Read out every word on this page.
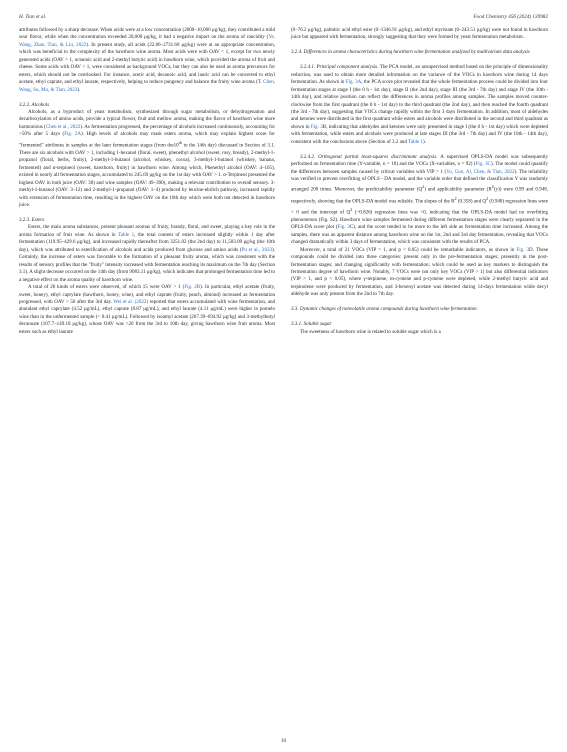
H. Tian et al.	Food Chemistry 456 (2024) 139982

attributes followed by a sharp decrease. When acids were at a low concentration (2000–10,000 μg/kg), they contributed a mild sour flavor, while when the concentration exceeded 20,000 μg/kg, it had a negative impact on the aroma of rancidity (Ye, Wang, Zhan, Tian, & Liu, 2022). In present study, all acids (22.86–2731.68 μg/kg) were at an appropriate concentration, which was beneficial to the complexity of the hawthorn wine aroma. Most acids were with OAV < 1, except for two newly generated acids (OAV > 1, octanoic acid and 2-methyl butyric acid) in hawthorn wine, which provided the aroma of fruit and cheese. Some acids with OAV < 1, were considered as background VOCs, but they can also be used as aroma precursors for esters, which should not be overlooked. For instance, acetic acid, decanoic acid, and lauric acid can be converted to ethyl acetate, ethyl caprate, and ethyl laurate, respectively, helping to reduce pungency and balance the fruity wine aroma (T. Chen, Wang, Su, Mu, & Tian, 2023).

3.2.2. Alcohols

Alcohols, as a byproduct of yeast metabolism, synthesized through sugar metabolism, or dehydrogenation and decarboxylation of amino acids, provide a typical flower, fruit and mellow aroma, making the flavor of hawthorn wine more harmonious (Chen et al., 2022). As fermentation progressed, the percentage of alcohols increased continuously, accounting for >50% after 5 days (Fig. 2A). High levels of alcohols may mask esters aroma, which may explain highest score for "fermented" attributes in samples at the later fermentation stages (from the10th to the 14th day) discussed in Section of 3.1. There are six alcohols with OAV > 1, including 1-hexanol (floral, sweet), phenethyl alcohol (sweet, rosy, bready), 2-methyl-1-propanol (floral, herbs, fruity), 2-methyl-1-butanol (alcohol, whiskey, cocoa), 3-methyl-1-butanol (whiskey, banana, fermented) and α-terpineol (sweet, hawthorn, fruity) in hawthorn wine. Among which, Phenethyl alcohol (OAV: 4–105), existed in nearly all fermentation stages, accumulated to 245.69 μg/kg on the 1st day with OAV > 1. α-Terpineol presented the highest OAV in both juice (OAV: 38) and wine samples (OAV: 49–390), making a relevant contribution to overall sensory. 3-methyl-1-butanol (OAV: 3–12) and 2-methyl-1-propanol (OAV: 1–4) produced by leucine-ehrlich pathway, increased rapidly with extension of fermentation time, resulting in the highest OAV on the 10th day which were both not detected in hawthorn juice.

3.2.3. Esters

Esters, the main aroma substances, present pleasant aromas of fruity, brandy, floral, and sweet, playing a key role in the aroma formation of fruit wine. As shown in Table 1, the total content of esters increased slightly within 1 day after fermentation (119.95–429.6 μg/kg), and increased rapidly thereafter from 3251.02 (the 2nd day) to 11,503.09 μg/kg (the 10th day), which was attributed to esterification of alcohols and acids produced from glucose and amino acids (Pu et al., 2023). Certainly, the increase of esters was favorable to the formation of a pleasant fruity aroma, which was consistent with the results of sensory profiles that the "fruity" intensity increased with fermentation reaching its maximum on the 7th day (Section 3.1). A slight decrease occurred on the 14th day (from 9083.11 μg/kg), which indicates that prolonged fermentation time led to a negative effect on the aroma quality of hawthorn wine.

A total of 26 kinds of esters were observed, of which 15 were OAV > 1 (Fig. 2B). In particular, ethyl acetate (fruity, sweet, honey), ethyl caprylate (hawthorn, honey, wine), and ethyl caprate (fruity, peach, almond) increased as fermentation progressed, with OAV > 50 after the 3rd day. Wei et al. (2022) reported that esters accumulated with wine fermentation, and abundant ethyl caprylate (4.52 μg/mL), ethyl caprate (8.87 μg/mL), and ethyl laurate (4.11 μg/mL) were higher in pomelo wine than in the unfermented sample (< 0.41 μg/mL). Followed by isoamyl acetate (267.39–694.92 μg/kg) and 3-methylbutyl decanoate (107.7–149.18 μg/kg), whose OAV was >20 from the 3rd to 10th day, giving hawthorn wine fruit aroma. Most esters such as ethyl laurate

(0–76.2 μg/kg), palmitic acid ethyl ester (0–1346.91 μg/kg), and ethyl myristate (0–243.51 μg/kg) were not found in hawthorn juice but appeared with fermentation, strongly suggesting that they were formed by yeast fermentation metabolism.

3.2.4. Differences in aroma characteristics during hawthorn wine fermentation analyzed by multivariate data analysis

3.2.4.1. Principal component analysis. The PCA model, an unsupervised method based on the principle of dimensionality reduction, was used to obtain more detailed information on the variance of the VOCs in hawthorn wine during 14 days fermentation. As shown in Fig. 3A, the PCA score plot revealed that the whole fermentation process could be divided into four fermentation stages at stage I (the 0 h - 1st day), stage II (the 2nd day), stage III (the 3rd - 7th day) and stage IV (the 10th - 14th day), and relative position can reflect the differences in aroma profiles among samples. The samples moved counter-clockwise from the first quadrant (the 0 h - 1st day) to the third quadrant (the 2nd day), and then reached the fourth quadrant (the 3rd - 7th day), suggesting that VOCs change rapidly within the first 3 days fermentation. In addition, most of aldehydes and ketones were distributed in the first quadrant while esters and alcohols were distributed in the second and third quadrant as shown in Fig. 3B, indicating that aldehydes and ketones were only presented in stage I (the 0 h - 1st day) which were depleted with fermentation, while esters and alcohols were produced at late stages III (the 3rd - 7th day) and IV (the 10th - 14th day), consistent with the conclusions above (Section of 3.2 and Table 1).

3.2.4.2. Orthogonal partial least-squares discriminant analysis. A supervised OPLS-DA model was subsequently performed on fermentation time (Y-variable, n = 10) and the VOCs (X-variables, n = 92) (Fig. 3C). The model could quantify the differences between samples caused by critical variables with VIP > 1 (Yu, Guo, Ai, Chen, & Tian, 2022). The reliability was verified to prevent overfitting of OPLS - DA model, and the variable order that defined the classification Y was randomly arranged 200 times. Moreover, the predictability parameter $(Q^2)$ and applicability parameter $(R^2(y))$ were 0.99 and 0.948, respectively, showing that the OPLS-DA model was reliable. The slopes of the $R^2$ (0.358) and $Q^2$ (0.948) regression lines were > 0 and the intercept of $Q^2$ (−0.826) regression lines was <0, indicating that the OPLS-DA model had no overfitting phenomenon (Fig. S2). Hawthorn wine samples fermented during different fermentation stages were clearly separated in the OPLS-DA score plot (Fig. 3C), and the score tended to be more to the left side as fermentation time increased. Among the samples, there was an apparent distance among hawthorn wine on the 1st, 2nd and 3rd day fermentation, revealing that VOCs changed dramatically within 3 days of fermentation, which was consistent with the results of PCA.

Moreover, a total of 21 VOCs (VIP > 1, and p < 0.05) could be remarkable indicators, as shown in Fig. 3D. These compounds could be divided into three categories: present only in the pre-fermentation stages; presently in the post-fermentation stages; and changing significantly with fermentation; which could be used as key markers to distinguish the fermentation degree of hawthorn wine. Notably, 7 VOCs were not only key VOCs (VIP > 1) but also differential indicators (VIP > 1, and p < 0.05), where γ-terpinene, m-cymene and p-cymene were depleted, while 2-methyl butyric acid and terpinolene were produced by fermentation, and 3-hexenyl acetate was detected during 14-days fermentation while decyl aldehyde was only present from the 2nd to 7th day.

3.3. Dynamic changes of nonvolatile aroma compounds during hawthorn wine fermentation
3.3.1. Soluble sugar

The sweetness of hawthorn wine is related to soluble sugar which is a

10
